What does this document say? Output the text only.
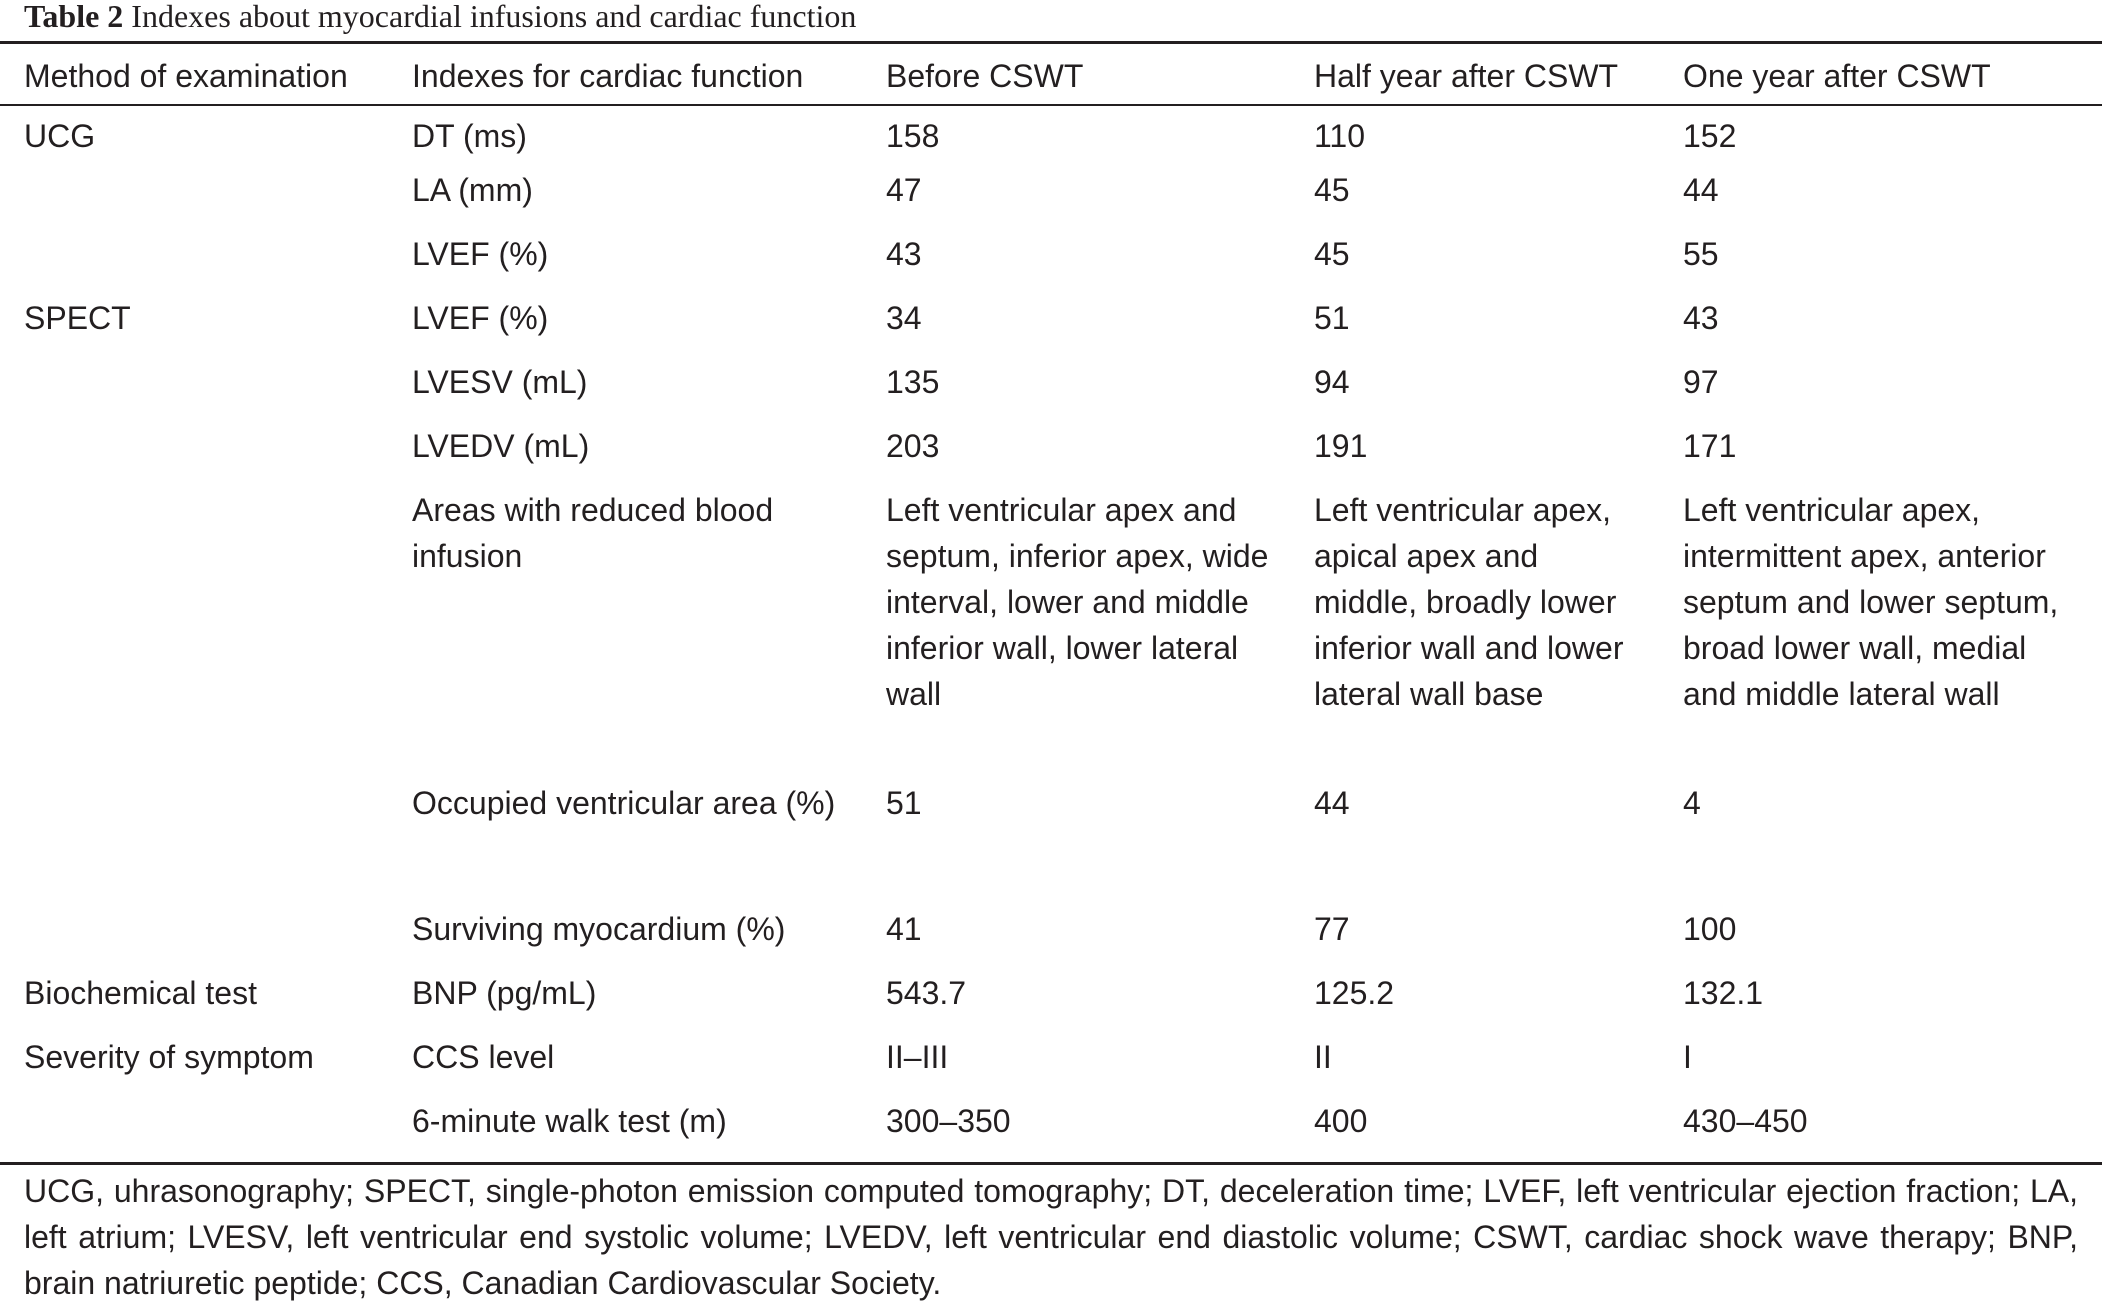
Table 2 Indexes about myocardial infusions and cardiac function
Method of examination	Indexes for cardiac function	Before CSWT	Half year after CSWT	One year after CSWT
UCG	DT (ms)	158	110	152
	LA (mm)	47	45	44
	LVEF (%)	43	45	55
SPECT	LVEF (%)	34	51	43
	LVESV (mL)	135	94	97
	LVEDV (mL)	203	191	171
	Areas with reduced blood infusion	Left ventricular apex and septum, inferior apex, wide interval, lower and middle inferior wall, lower lateral wall	Left ventricular apex, apical apex and middle, broadly lower inferior wall and lower lateral wall base	Left ventricular apex, intermittent apex, anterior septum and lower septum, broad lower wall, medial and middle lateral wall
	Occupied ventricular area (%)	51	44	4
	Surviving myocardium (%)	41	77	100
Biochemical test	BNP (pg/mL)	543.7	125.2	132.1
Severity of symptom	CCS level	II–III	II	I
	6-minute walk test (m)	300–350	400	430–450
UCG, uhrasonography; SPECT, single-photon emission computed tomography; DT, deceleration time; LVEF, left ventricular ejection fraction; LA, left atrium; LVESV, left ventricular end systolic volume; LVEDV, left ventricular end diastolic volume; CSWT, cardiac shock wave therapy; BNP, brain natriuretic peptide; CCS, Canadian Cardiovascular Society.
